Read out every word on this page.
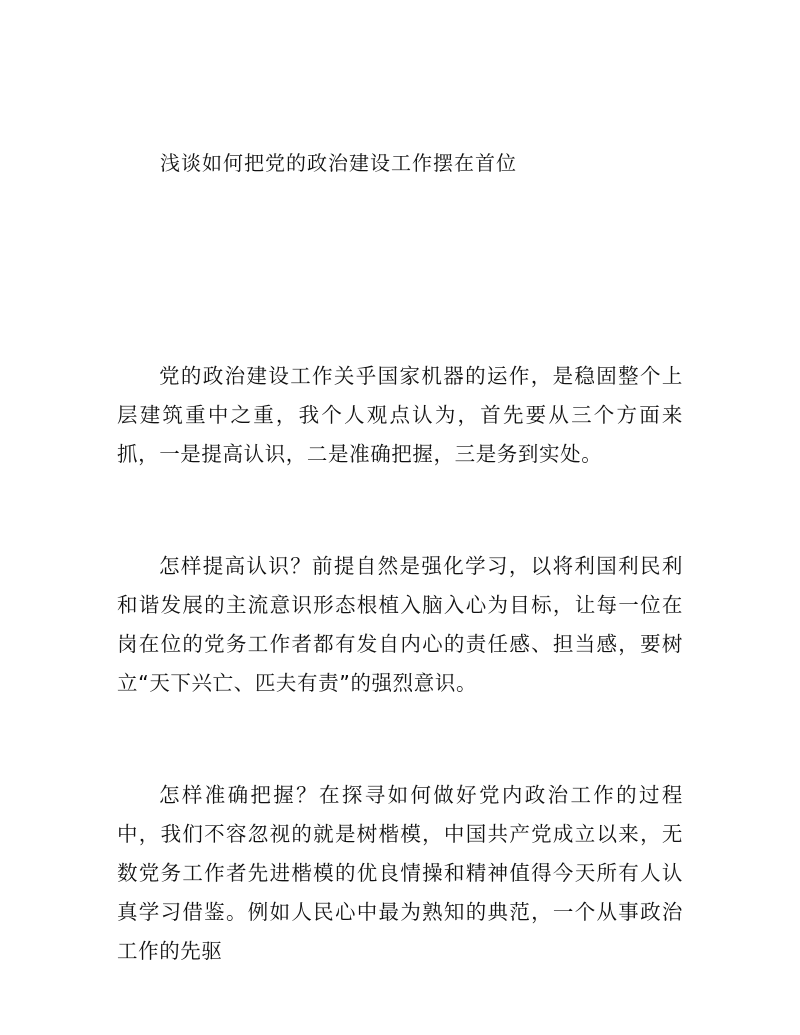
浅谈如何把党的政治建设工作摆在首位

党的政治建设工作关乎国家机器的运作，是稳固整个上层建筑重中之重，我个人观点认为，首先要从三个方面来抓，一是提高认识，二是准确把握，三是务到实处。

怎样提高认识？前提自然是强化学习，以将利国利民利和谐发展的主流意识形态根植入脑入心为目标，让每一位在岗在位的党务工作者都有发自内心的责任感、担当感，要树立“天下兴亡、匹夫有责”的强烈意识。

怎样准确把握？在探寻如何做好党内政治工作的过程中，我们不容忽视的就是树楷模，中国共产党成立以来，无数党务工作者先进楷模的优良情操和精神值得今天所有人认真学习借鉴。例如人民心中最为熟知的典范，一个从事政治工作的先驱
